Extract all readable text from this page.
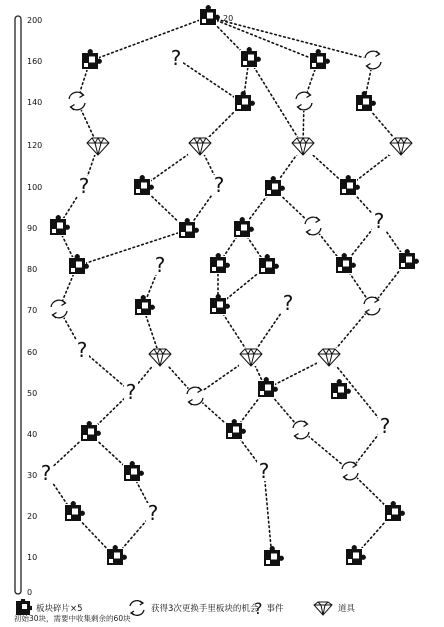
200
160
140
120
100
90
80
70
60
50
40
30
20
10
0
?
?	?
?
?
?
?
?
?
?	?
?
20
板块碎片×5	获得3次更换手里板块的机会
? 事件	道具
初始30块，需要中收集剩余的60块
